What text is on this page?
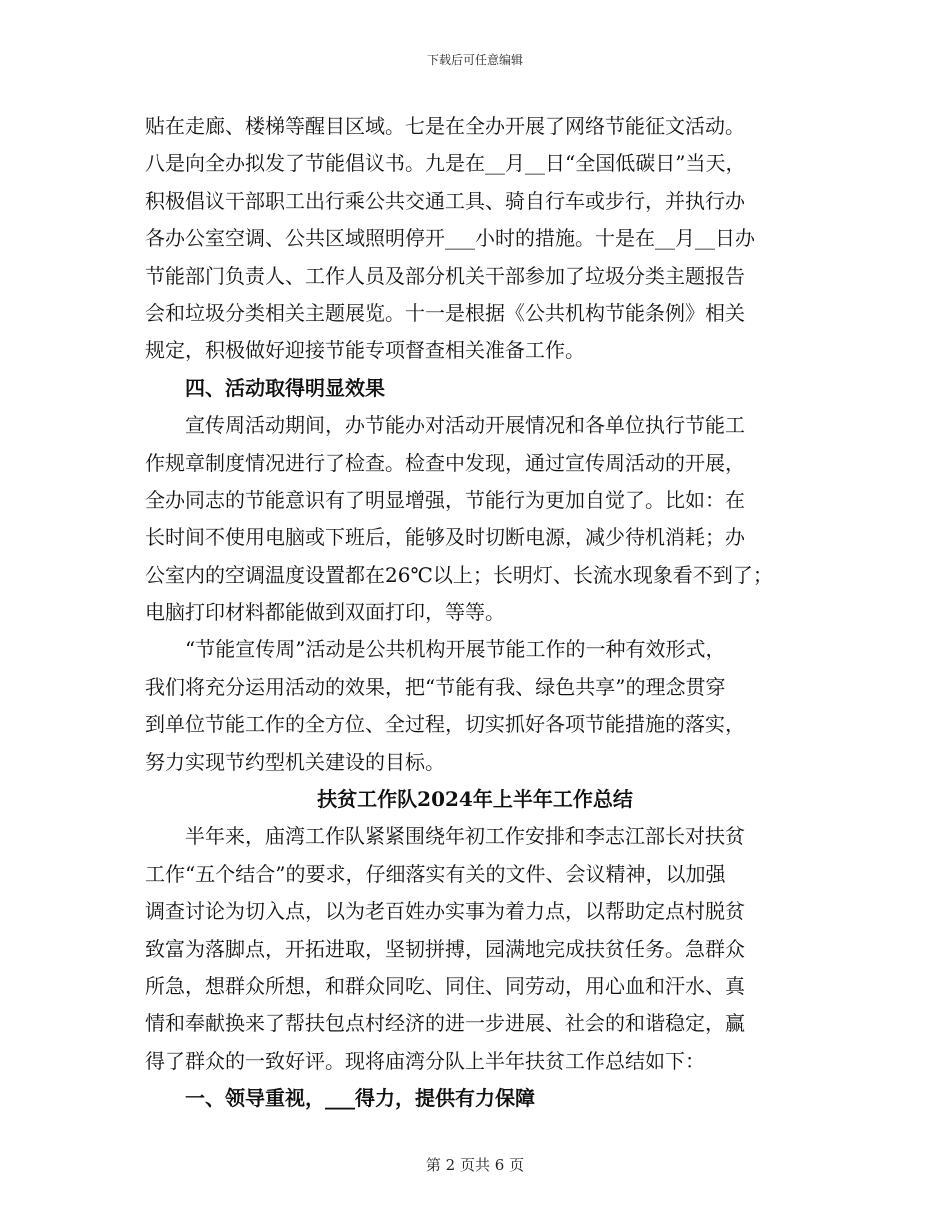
下载后可任意编辑
贴在走廊、楼梯等醒目区域。七是在全办开展了网络节能征文活动。
八是向全办拟发了节能倡议书。九是在__月__日“全国低碳日”当天，
积极倡议干部职工出行乘公共交通工具、骑自行车或步行，并执行办
各办公室空调、公共区域照明停开___小时的措施。十是在__月__日办
节能部门负责人、工作人员及部分机关干部参加了垃圾分类主题报告
会和垃圾分类相关主题展览。十一是根据《公共机构节能条例》相关
规定，积极做好迎接节能专项督查相关准备工作。
四、活动取得明显效果
宣传周活动期间，办节能办对活动开展情况和各单位执行节能工
作规章制度情况进行了检查。检查中发现，通过宣传周活动的开展，
全办同志的节能意识有了明显增强，节能行为更加自觉了。比如：在
长时间不使用电脑或下班后，能够及时切断电源，减少待机消耗；办
公室内的空调温度设置都在26℃以上；长明灯、长流水现象看不到了；
电脑打印材料都能做到双面打印，等等。
“节能宣传周”活动是公共机构开展节能工作的一种有效形式，
我们将充分运用活动的效果，把“节能有我、绿色共享”的理念贯穿
到单位节能工作的全方位、全过程，切实抓好各项节能措施的落实，
努力实现节约型机关建设的目标。
扶贫工作队2024年上半年工作总结
半年来，庙湾工作队紧紧围绕年初工作安排和李志江部长对扶贫
工作“五个结合”的要求，仔细落实有关的文件、会议精神，以加强
调查讨论为切入点，以为老百姓办实事为着力点，以帮助定点村脱贫
致富为落脚点，开拓进取，坚韧拼搏，园满地完成扶贫任务。急群众
所急，想群众所想，和群众同吃、同住、同劳动，用心血和汗水、真
情和奉献换来了帮扶包点村经济的进一步进展、社会的和谐稳定，赢
得了群众的一致好评。现将庙湾分队上半年扶贫工作总结如下：
一、领导重视，___得力，提供有力保障
第 2 页共 6 页
